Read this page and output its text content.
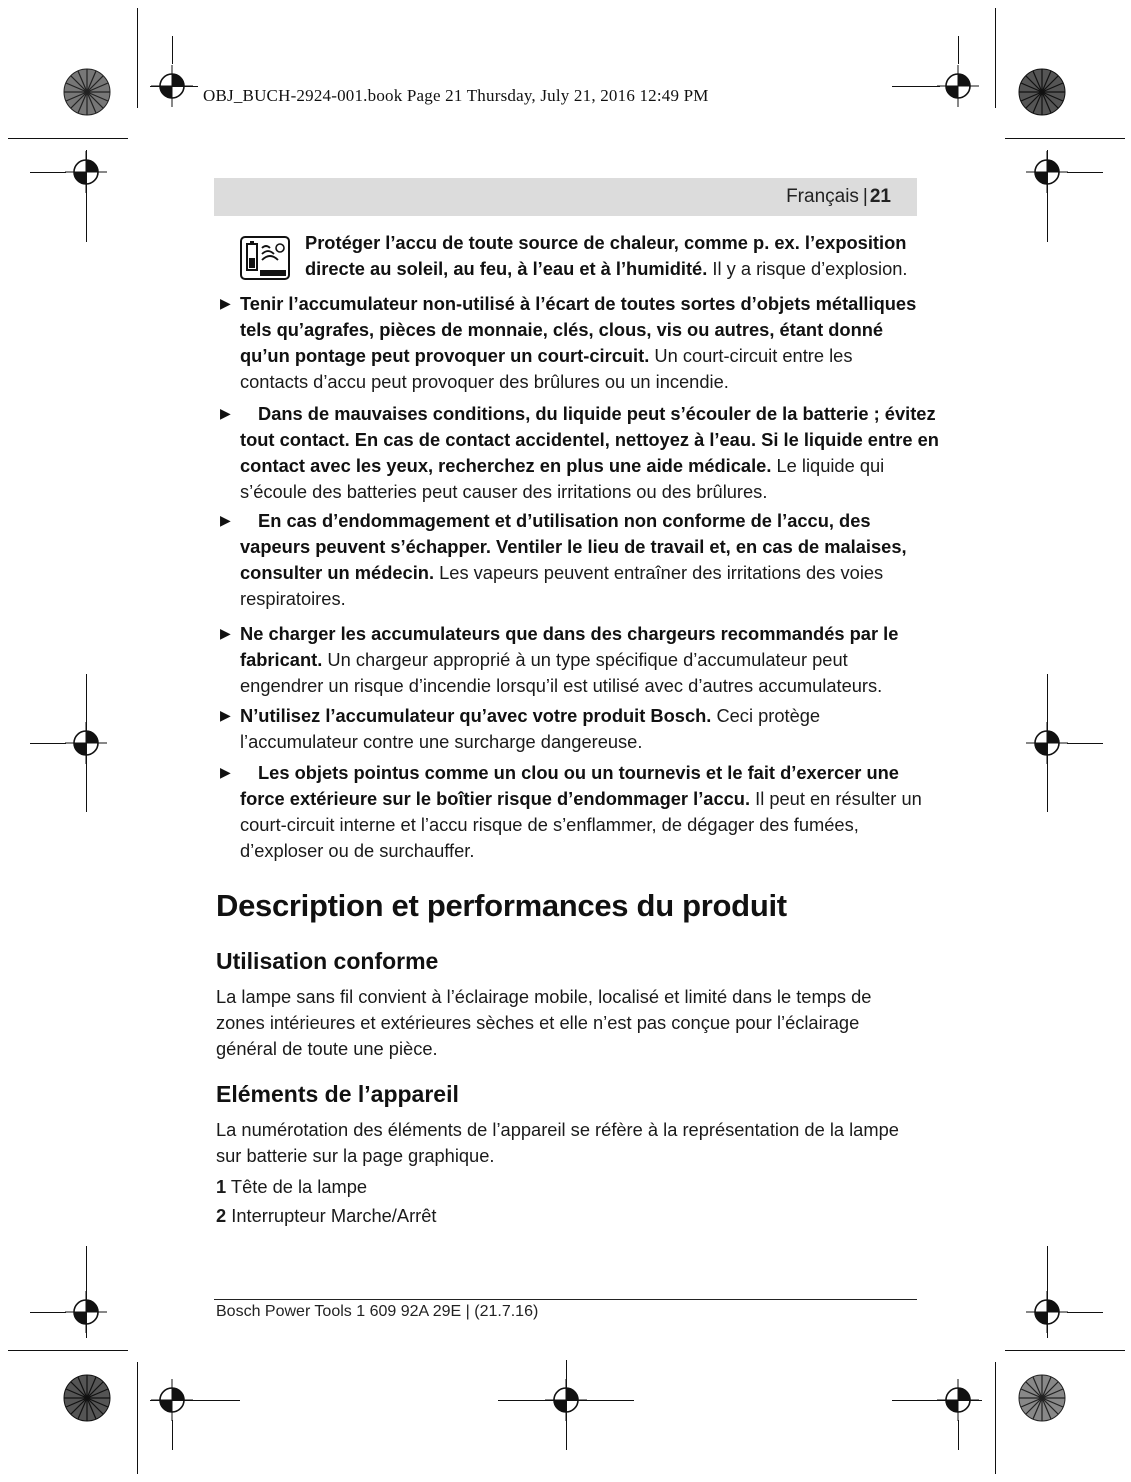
OBJ_BUCH-2924-001.book Page 21 Thursday, July 21, 2016 12:49 PM
Français | 21
Protéger l’accu de toute source de chaleur, comme p. ex. l’exposition directe au soleil, au feu, à l’eau et à l’humidité. Il y a risque d’explosion.
▶ Tenir l’accumulateur non-utilisé à l’écart de toutes sortes d’objets métalliques tels qu’agrafes, pièces de monnaie, clés, clous, vis ou autres, étant donné qu’un pontage peut provoquer un court-circuit. Un court-circuit entre les contacts d’accu peut provoquer des brûlures ou un incendie.
▶	Dans de mauvaises conditions, du liquide peut s’écouler de la batterie ; évitez tout contact. En cas de contact accidentel, nettoyez à l’eau. Si le liquide entre en contact avec les yeux, recherchez en plus une aide médicale. Le liquide qui s’écoule des batteries peut causer des irritations ou des brûlures.
▶	En cas d’endommagement et d’utilisation non conforme de l’accu, des vapeurs peuvent s’échapper. Ventiler le lieu de travail et, en cas de malaises, consulter un médecin. Les vapeurs peuvent entraîner des irritations des voies respiratoires.
▶ Ne charger les accumulateurs que dans des chargeurs recommandés par le fabricant. Un chargeur approprié à un type spécifique d’accumulateur peut engendrer un risque d’incendie lorsqu’il est utilisé avec d’autres accumulateurs.
▶ N’utilisez l’accumulateur qu’avec votre produit Bosch. Ceci protège l’accumulateur contre une surcharge dangereuse.
▶	Les objets pointus comme un clou ou un tournevis et le fait d’exercer une force extérieure sur le boîtier risque d’endommager l’accu. Il peut en résulter un court-circuit interne et l’accu risque de s’enflammer, de dégager des fumées, d’exploser ou de surchauffer.
Description et performances du produit
Utilisation conforme
La lampe sans fil convient à l’éclairage mobile, localisé et limité dans le temps de zones intérieures et extérieures sèches et elle n’est pas conçue pour l’éclairage général de toute une pièce.
Eléments de l’appareil
La numérotation des éléments de l’appareil se réfère à la représentation de la lampe sur batterie sur la page graphique.
1 Tête de la lampe
2 Interrupteur Marche/Arrêt
Bosch Power Tools 1 609 92A 29E | (21.7.16)
